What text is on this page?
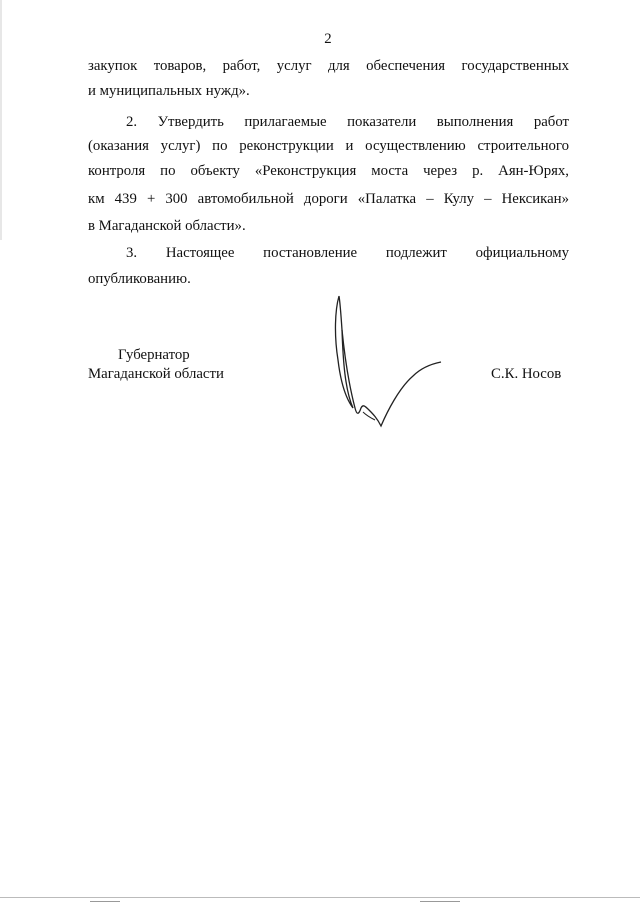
2
закупок товаров, работ, услуг для обеспечения государственных
и муниципальных нужд».
2. Утвердить прилагаемые показатели выполнения работ
(оказания услуг) по реконструкции и осуществлению строительного
контроля по объекту «Реконструкция моста через р. Аян-Юрях,
км 439 + 300 автомобильной дороги «Палатка – Кулу – Нексикан»
в Магаданской области».
3. Настоящее постановление подлежит официальному
опубликованию.
Губернатор
Магаданской области	С.К. Носов
